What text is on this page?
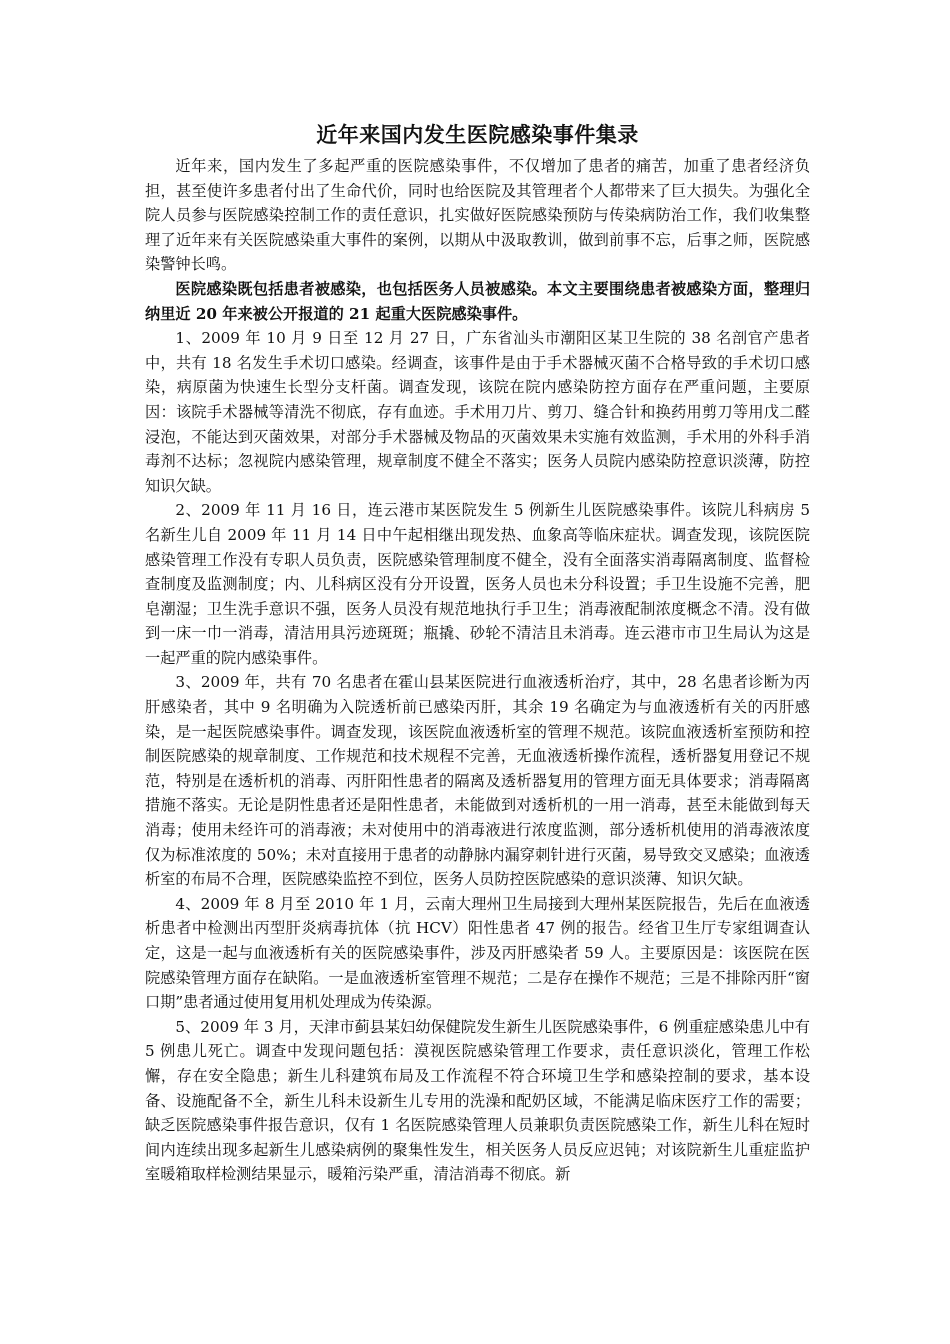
近年来国内发生医院感染事件集录

近年来，国内发生了多起严重的医院感染事件，不仅增加了患者的痛苦，加重了患者经济负担，甚至使许多患者付出了生命代价，同时也给医院及其管理者个人都带来了巨大损失。为强化全院人员参与医院感染控制工作的责任意识，扎实做好医院感染预防与传染病防治工作，我们收集整理了近年来有关医院感染重大事件的案例，以期从中汲取教训，做到前事不忘，后事之师，医院感染警钟长鸣。

医院感染既包括患者被感染，也包括医务人员被感染。本文主要围绕患者被感染方面，整理归纳里近 20 年来被公开报道的 21 起重大医院感染事件。

1、2009 年 10 月 9 日至 12 月 27 日，广东省汕头市潮阳区某卫生院的 38 名剖官产患者中，共有 18 名发生手术切口感染。经调查，该事件是由于手术器械灭菌不合格导致的手术切口感染，病原菌为快速生长型分支杆菌。调查发现，该院在院内感染防控方面存在严重问题，主要原因：该院手术器械等清洗不彻底，存有血迹。手术用刀片、剪刀、缝合针和换药用剪刀等用戊二醛浸泡，不能达到灭菌效果，对部分手术器械及物品的灭菌效果未实施有效监测，手术用的外科手消毒剂不达标；忽视院内感染管理，规章制度不健全不落实；医务人员院内感染防控意识淡薄，防控知识欠缺。

2、2009 年 11 月 16 日，连云港市某医院发生 5 例新生儿医院感染事件。该院儿科病房 5 名新生儿自 2009 年 11 月 14 日中午起相继出现发热、血象高等临床症状。调查发现，该院医院感染管理工作没有专职人员负责，医院感染管理制度不健全，没有全面落实消毒隔离制度、监督检查制度及监测制度；内、儿科病区没有分开设置，医务人员也未分科设置；手卫生设施不完善，肥皂潮湿；卫生洗手意识不强，医务人员没有规范地执行手卫生；消毒液配制浓度概念不清。没有做到一床一巾一消毒，清洁用具污迹斑斑；瓶撬、砂轮不清洁且未消毒。连云港市市卫生局认为这是一起严重的院内感染事件。

3、2009 年，共有 70 名患者在霍山县某医院进行血液透析治疗，其中，28 名患者诊断为丙肝感染者，其中 9 名明确为入院透析前已感染丙肝，其余 19 名确定为与血液透析有关的丙肝感染，是一起医院感染事件。调查发现，该医院血液透析室的管理不规范。该院血液透析室预防和控制医院感染的规章制度、工作规范和技术规程不完善，无血液透析操作流程，透析器复用登记不规范，特别是在透析机的消毒、丙肝阳性患者的隔离及透析器复用的管理方面无具体要求；消毒隔离措施不落实。无论是阴性患者还是阳性患者，未能做到对透析机的一用一消毒，甚至未能做到每天消毒；使用未经许可的消毒液；未对使用中的消毒液进行浓度监测，部分透析机使用的消毒液浓度仅为标准浓度的 50%；未对直接用于患者的动静脉内漏穿刺针进行灭菌，易导致交叉感染；血液透析室的布局不合理，医院感染监控不到位，医务人员防控医院感染的意识淡薄、知识欠缺。

4、2009 年 8 月至 2010 年 1 月，云南大理州卫生局接到大理州某医院报告，先后在血液透析患者中检测出丙型肝炎病毒抗体（抗 HCV）阳性患者 47 例的报告。经省卫生厅专家组调查认定，这是一起与血液透析有关的医院感染事件，涉及丙肝感染者 59 人。主要原因是：该医院在医院感染管理方面存在缺陷。一是血液透析室管理不规范；二是存在操作不规范；三是不排除丙肝“窗口期”患者通过使用复用机处理成为传染源。

5、2009 年 3 月，天津市蓟县某妇幼保健院发生新生儿医院感染事件，6 例重症感染患儿中有 5 例患儿死亡。调查中发现问题包括：漠视医院感染管理工作要求，责任意识淡化，管理工作松懈，存在安全隐患；新生儿科建筑布局及工作流程不符合环境卫生学和感染控制的要求，基本设备、设施配备不全，新生儿科未设新生儿专用的洗澡和配奶区域，不能满足临床医疗工作的需要；缺乏医院感染事件报告意识，仅有 1 名医院感染管理人员兼职负责医院感染工作，新生儿科在短时间内连续出现多起新生儿感染病例的聚集性发生，相关医务人员反应迟钝；对该院新生儿重症监护室暖箱取样检测结果显示，暖箱污染严重，清洁消毒不彻底。新
